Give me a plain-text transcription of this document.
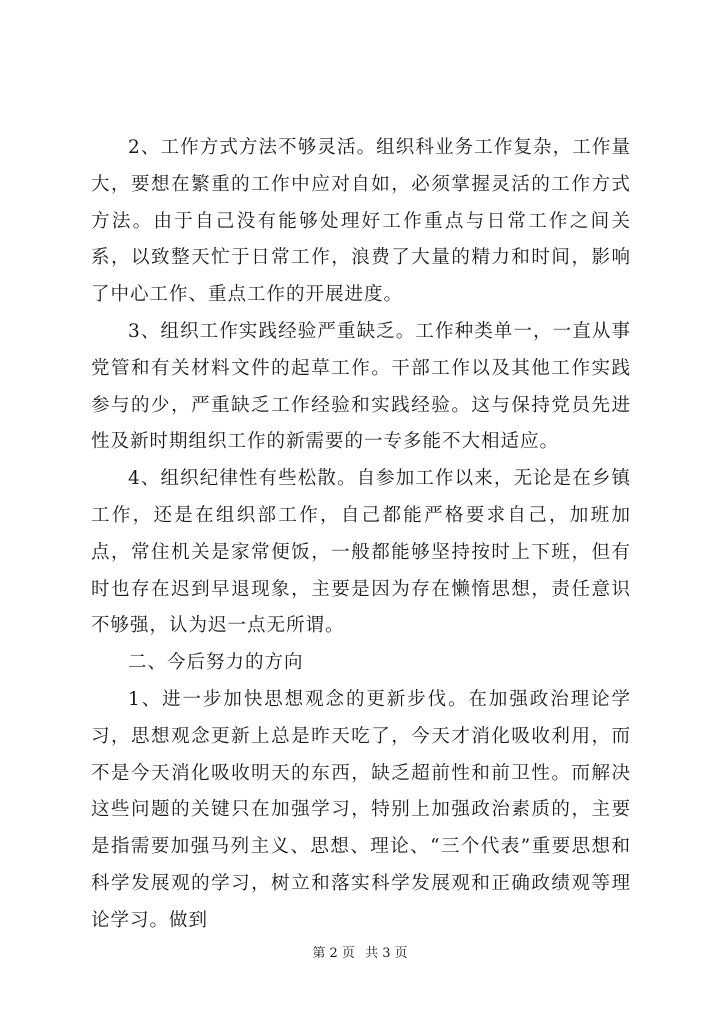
2、工作方式方法不够灵活。组织科业务工作复杂，工作量大，要想在繁重的工作中应对自如，必须掌握灵活的工作方式方法。由于自己没有能够处理好工作重点与日常工作之间关系，以致整天忙于日常工作，浪费了大量的精力和时间，影响了中心工作、重点工作的开展进度。

3、组织工作实践经验严重缺乏。工作种类单一，一直从事党管和有关材料文件的起草工作。干部工作以及其他工作实践参与的少，严重缺乏工作经验和实践经验。这与保持党员先进性及新时期组织工作的新需要的一专多能不大相适应。

4、组织纪律性有些松散。自参加工作以来，无论是在乡镇工作，还是在组织部工作，自己都能严格要求自己，加班加点，常住机关是家常便饭，一般都能够坚持按时上下班，但有时也存在迟到早退现象，主要是因为存在懒惰思想，责任意识不够强，认为迟一点无所谓。

二、今后努力的方向

1、进一步加快思想观念的更新步伐。在加强政治理论学习，思想观念更新上总是昨天吃了，今天才消化吸收利用，而不是今天消化吸收明天的东西，缺乏超前性和前卫性。而解决这些问题的关键只在加强学习，特别上加强政治素质的，主要是指需要加强马列主义、思想、理论、“三个代表”重要思想和科学发展观的学习，树立和落实科学发展观和正确政绩观等理论学习。做到

第 2 页 共 3 页
